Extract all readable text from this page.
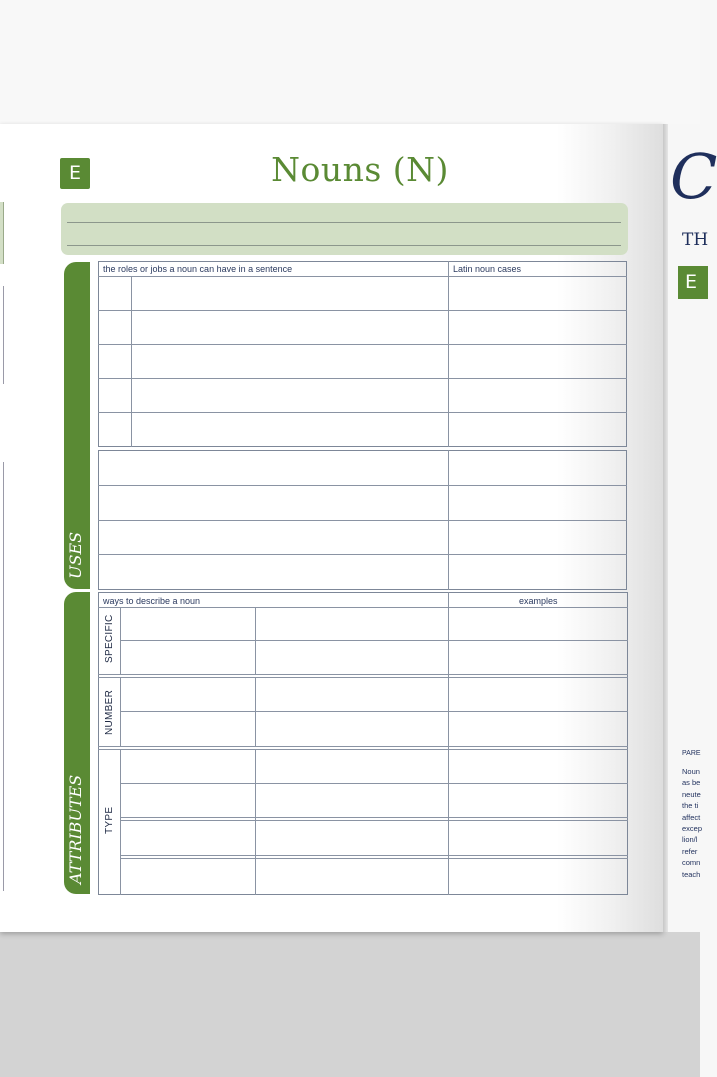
E	Nouns (N)
USES
the roles or jobs a noun can have in a sentence	Latin noun cases
ATTRIBUTES
ways to describe a noun	examples
SPECIFIC
NUMBER
TYPE
C
TH
E
PARE
Noun
as be
neute
the ti
affect
excep
lion/l
refer
comn
teach
